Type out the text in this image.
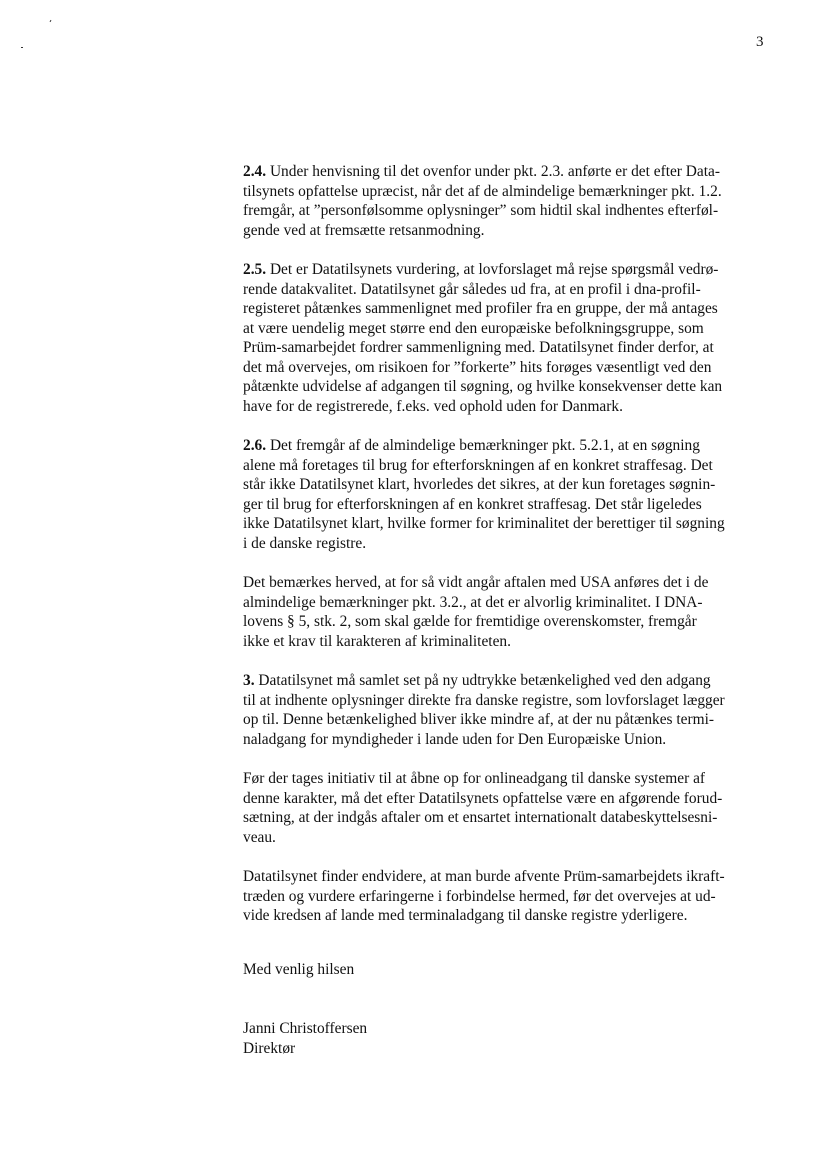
3

2.4. Under henvisning til det ovenfor under pkt. 2.3. anførte er det efter Data-
tilsynets opfattelse upræcist, når det af de almindelige bemærkninger pkt. 1.2.
fremgår, at ”personfølsomme oplysninger” som hidtil skal indhentes efterføl-
gende ved at fremsætte retsanmodning.

2.5. Det er Datatilsynets vurdering, at lovforslaget må rejse spørgsmål vedrø-
rende datakvalitet. Datatilsynet går således ud fra, at en profil i dna-profil-
registeret påtænkes sammenlignet med profiler fra en gruppe, der må antages
at være uendelig meget større end den europæiske befolkningsgruppe, som
Prüm-samarbejdet fordrer sammenligning med. Datatilsynet finder derfor, at
det må overvejes, om risikoen for ”forkerte” hits forøges væsentligt ved den
påtænkte udvidelse af adgangen til søgning, og hvilke konsekvenser dette kan
have for de registrerede, f.eks. ved ophold uden for Danmark.

2.6. Det fremgår af de almindelige bemærkninger pkt. 5.2.1, at en søgning
alene må foretages til brug for efterforskningen af en konkret straffesag. Det
står ikke Datatilsynet klart, hvorledes det sikres, at der kun foretages søgnin-
ger til brug for efterforskningen af en konkret straffesag. Det står ligeledes
ikke Datatilsynet klart, hvilke former for kriminalitet der berettiger til søgning
i de danske registre.

Det bemærkes herved, at for så vidt angår aftalen med USA anføres det i de
almindelige bemærkninger pkt. 3.2., at det er alvorlig kriminalitet. I DNA-
lovens § 5, stk. 2, som skal gælde for fremtidige overenskomster, fremgår
ikke et krav til karakteren af kriminaliteten.

3. Datatilsynet må samlet set på ny udtrykke betænkelighed ved den adgang
til at indhente oplysninger direkte fra danske registre, som lovforslaget lægger
op til. Denne betænkelighed bliver ikke mindre af, at der nu påtænkes termi-
naladgang for myndigheder i lande uden for Den Europæiske Union.

Før der tages initiativ til at åbne op for onlineadgang til danske systemer af
denne karakter, må det efter Datatilsynets opfattelse være en afgørende forud-
sætning, at der indgås aftaler om et ensartet internationalt databeskyttelsesni-
veau.

Datatilsynet finder endvidere, at man burde afvente Prüm-samarbejdets ikraft-
træden og vurdere erfaringerne i forbindelse hermed, før det overvejes at ud-
vide kredsen af lande med terminaladgang til danske registre yderligere.

Med venlig hilsen
Janni Christoffersen
Direktør
